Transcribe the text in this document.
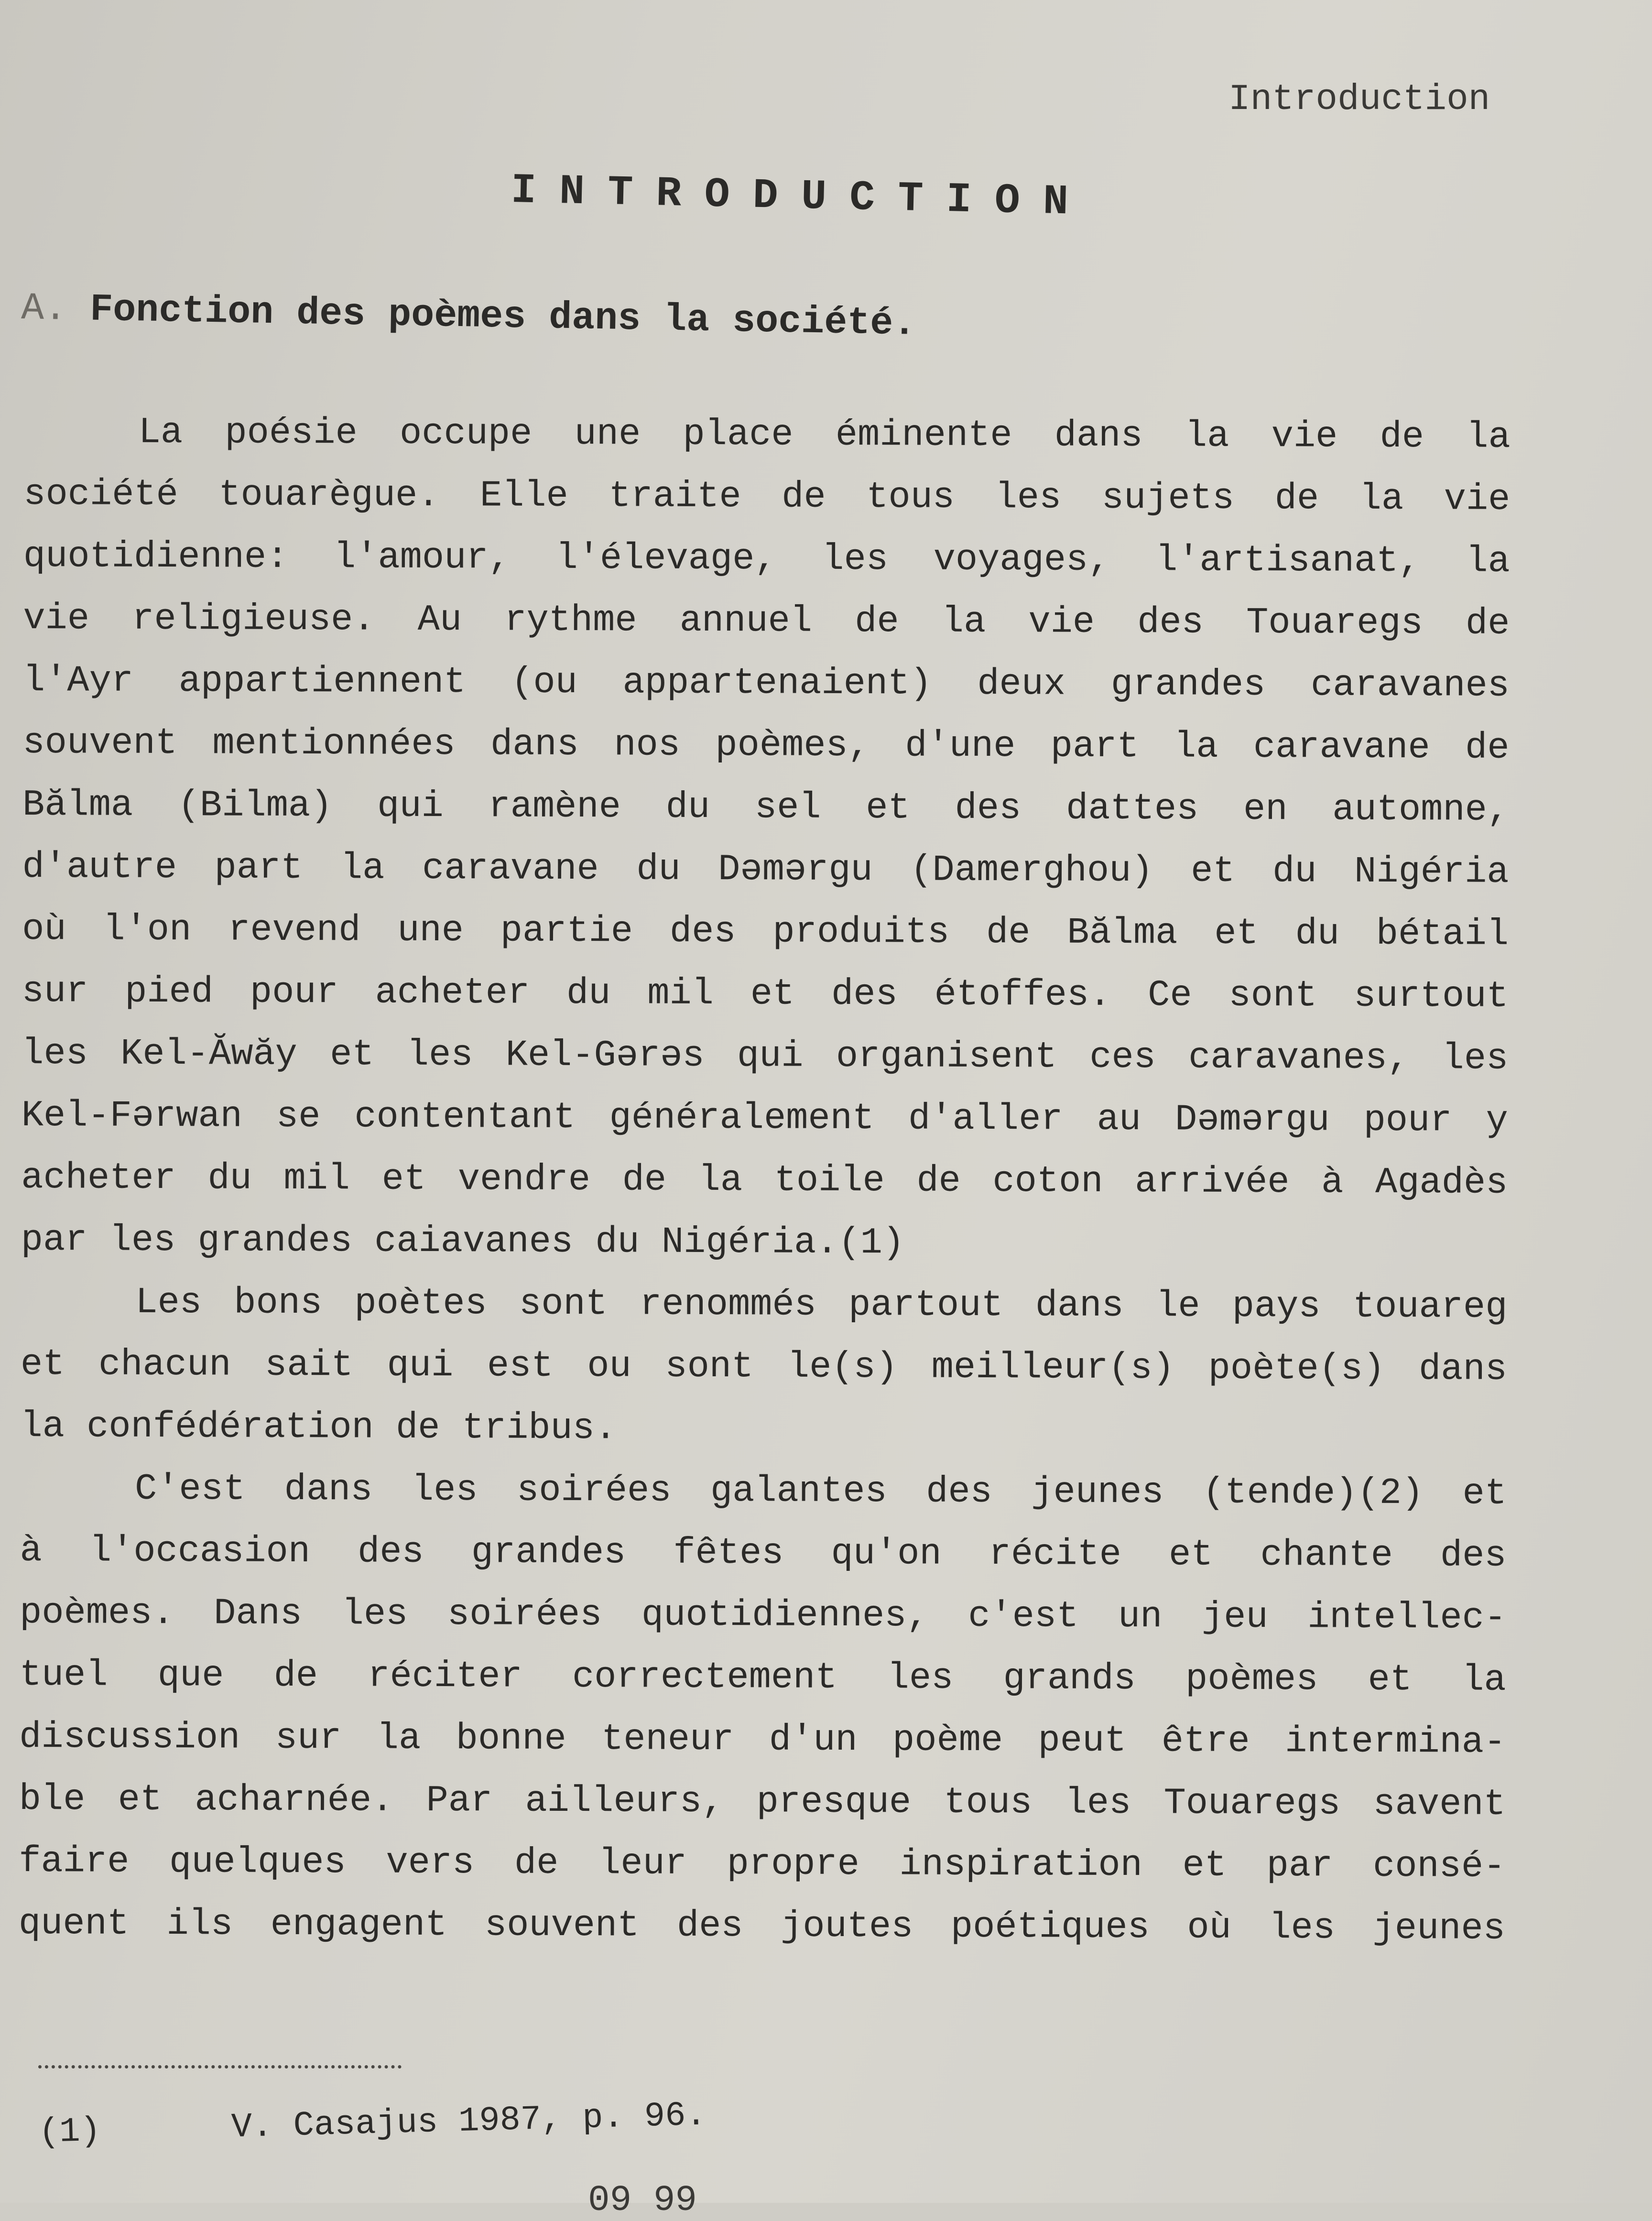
Introduction
INTRODUCTION
A. Fonction des poèmes dans la société.
La poésie occupe une place éminente dans la vie de la
société touarègue. Elle traite de tous les sujets de la vie
quotidienne: l'amour, l'élevage, les voyages, l'artisanat, la
vie religieuse. Au rythme annuel de la vie des Touaregs de
l'Ayr appartiennent (ou appartenaient) deux grandes caravanes
souvent mentionnées dans nos poèmes, d'une part la caravane de
Bălma (Bilma) qui ramène du sel et des dattes en automne,
d'autre part la caravane du Dəmərgu (Damerghou) et du Nigéria
où l'on revend une partie des produits de Bălma et du bétail
sur pied pour acheter du mil et des étoffes. Ce sont surtout
les Kel-Ăwăy et les Kel-Gərəs qui organisent ces caravanes, les
Kel-Fərwan se contentant généralement d'aller au Dəmərgu pour y
acheter du mil et vendre de la toile de coton arrivée à Agadès
par les grandes caiavanes du Nigéria.(1)
Les bons poètes sont renommés partout dans le pays touareg
et chacun sait qui est ou sont le(s) meilleur(s) poète(s) dans
la confédération de tribus.
C'est dans les soirées galantes des jeunes (tende)(2) et
à l'occasion des grandes fêtes qu'on récite et chante des
poèmes. Dans les soirées quotidiennes, c'est un jeu intellec-
tuel que de réciter correctement les grands poèmes et la
discussion sur la bonne teneur d'un poème peut être intermina-
ble et acharnée. Par ailleurs, presque tous les Touaregs savent
faire quelques vers de leur propre inspiration et par consé-
quent ils engagent souvent des joutes poétiques où les jeunes
(1)	V. Casajus 1987, p. 96.
09 99
